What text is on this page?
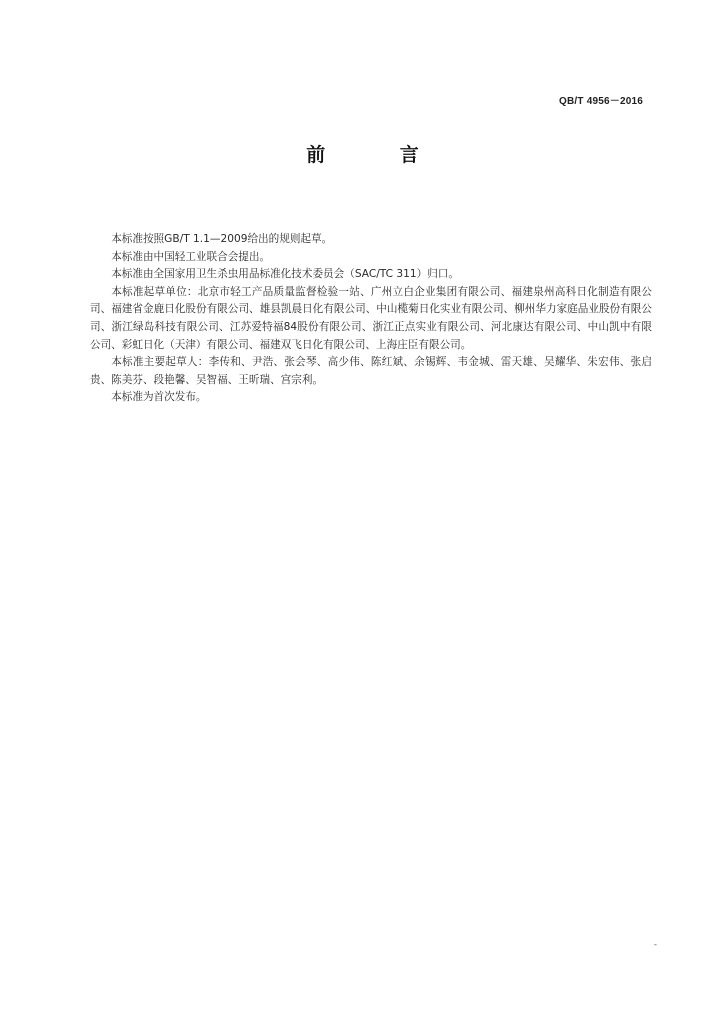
QB/T 4956－2016
前 言

本标准按照GB/T 1.1—2009给出的规则起草。

本标准由中国轻工业联合会提出。

本标准由全国家用卫生杀虫用品标准化技术委员会（SAC/TC 311）归口。

本标准起草单位：北京市轻工产品质量监督检验一站、广州立白企业集团有限公司、福建泉州高科日化制造有限公司、福建省金鹿日化股份有限公司、雄县凯晨日化有限公司、中山榄菊日化实业有限公司、柳州华力家庭品业股份有限公司、浙江绿岛科技有限公司、江苏爱特福84股份有限公司、浙江正点实业有限公司、河北康达有限公司、中山凯中有限公司、彩虹日化（天津）有限公司、福建双飞日化有限公司、上海庄臣有限公司。

本标准主要起草人：李传和、尹浩、张会琴、高少伟、陈红斌、余锡辉、韦金城、雷天雄、吴耀华、朱宏伟、张启贵、陈美芬、段艳馨、吴智福、王昕瑞、宫宗利。

本标准为首次发布。

-
